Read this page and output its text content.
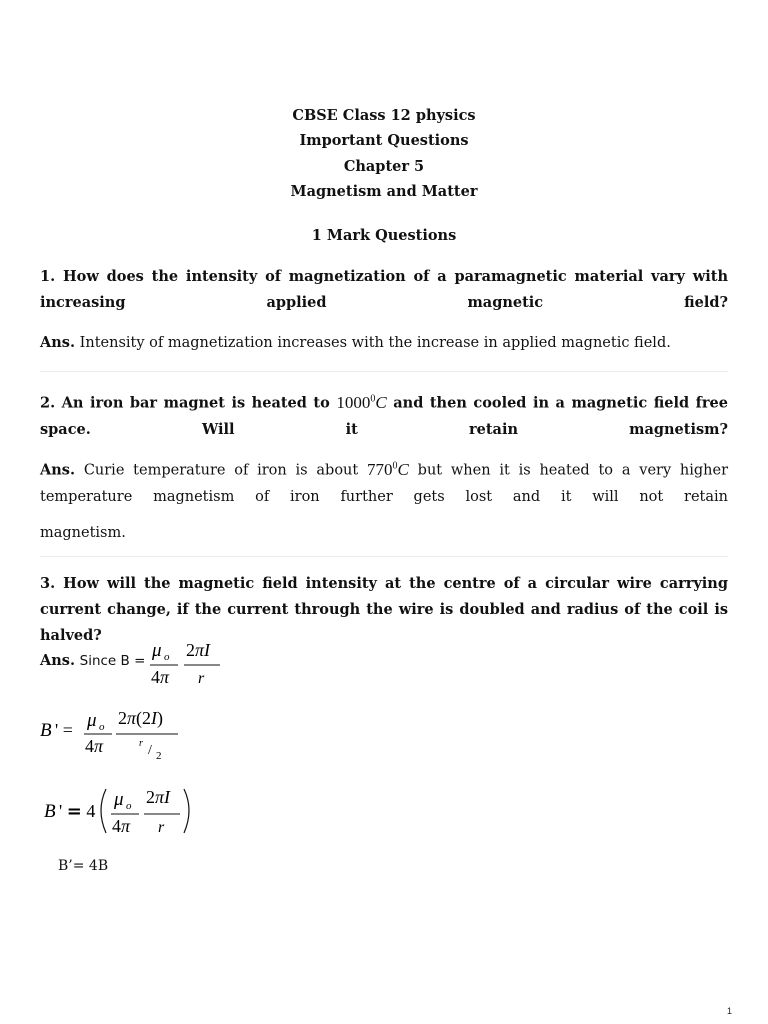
CBSE Class 12 physics
Important Questions
Chapter 5
Magnetism and Matter
1 Mark Questions
1. How does the intensity of magnetization of a paramagnetic material vary with increasing applied magnetic field?
Ans. Intensity of magnetization increases with the increase in applied magnetic field.
2. An iron bar magnet is heated to 1000$^0$C and then cooled in a magnetic field free space. Will it retain magnetism?
Ans. Curie temperature of iron is about $770^0C$ but when it is heated to a very higher temperature magnetism of iron further gets lost and it will not retain
magnetism.
3. How will the magnetic field intensity at the centre of a circular wire carrying current change, if the current through the wire is doubled and radius of the coil is halved?
Ans. Since B = μ o
4π
2πI
r
B ' = μ o
4π
2π(2I)
r / 2
B ' = 4
μ o
4π
2πI
r
B’= 4B
1
